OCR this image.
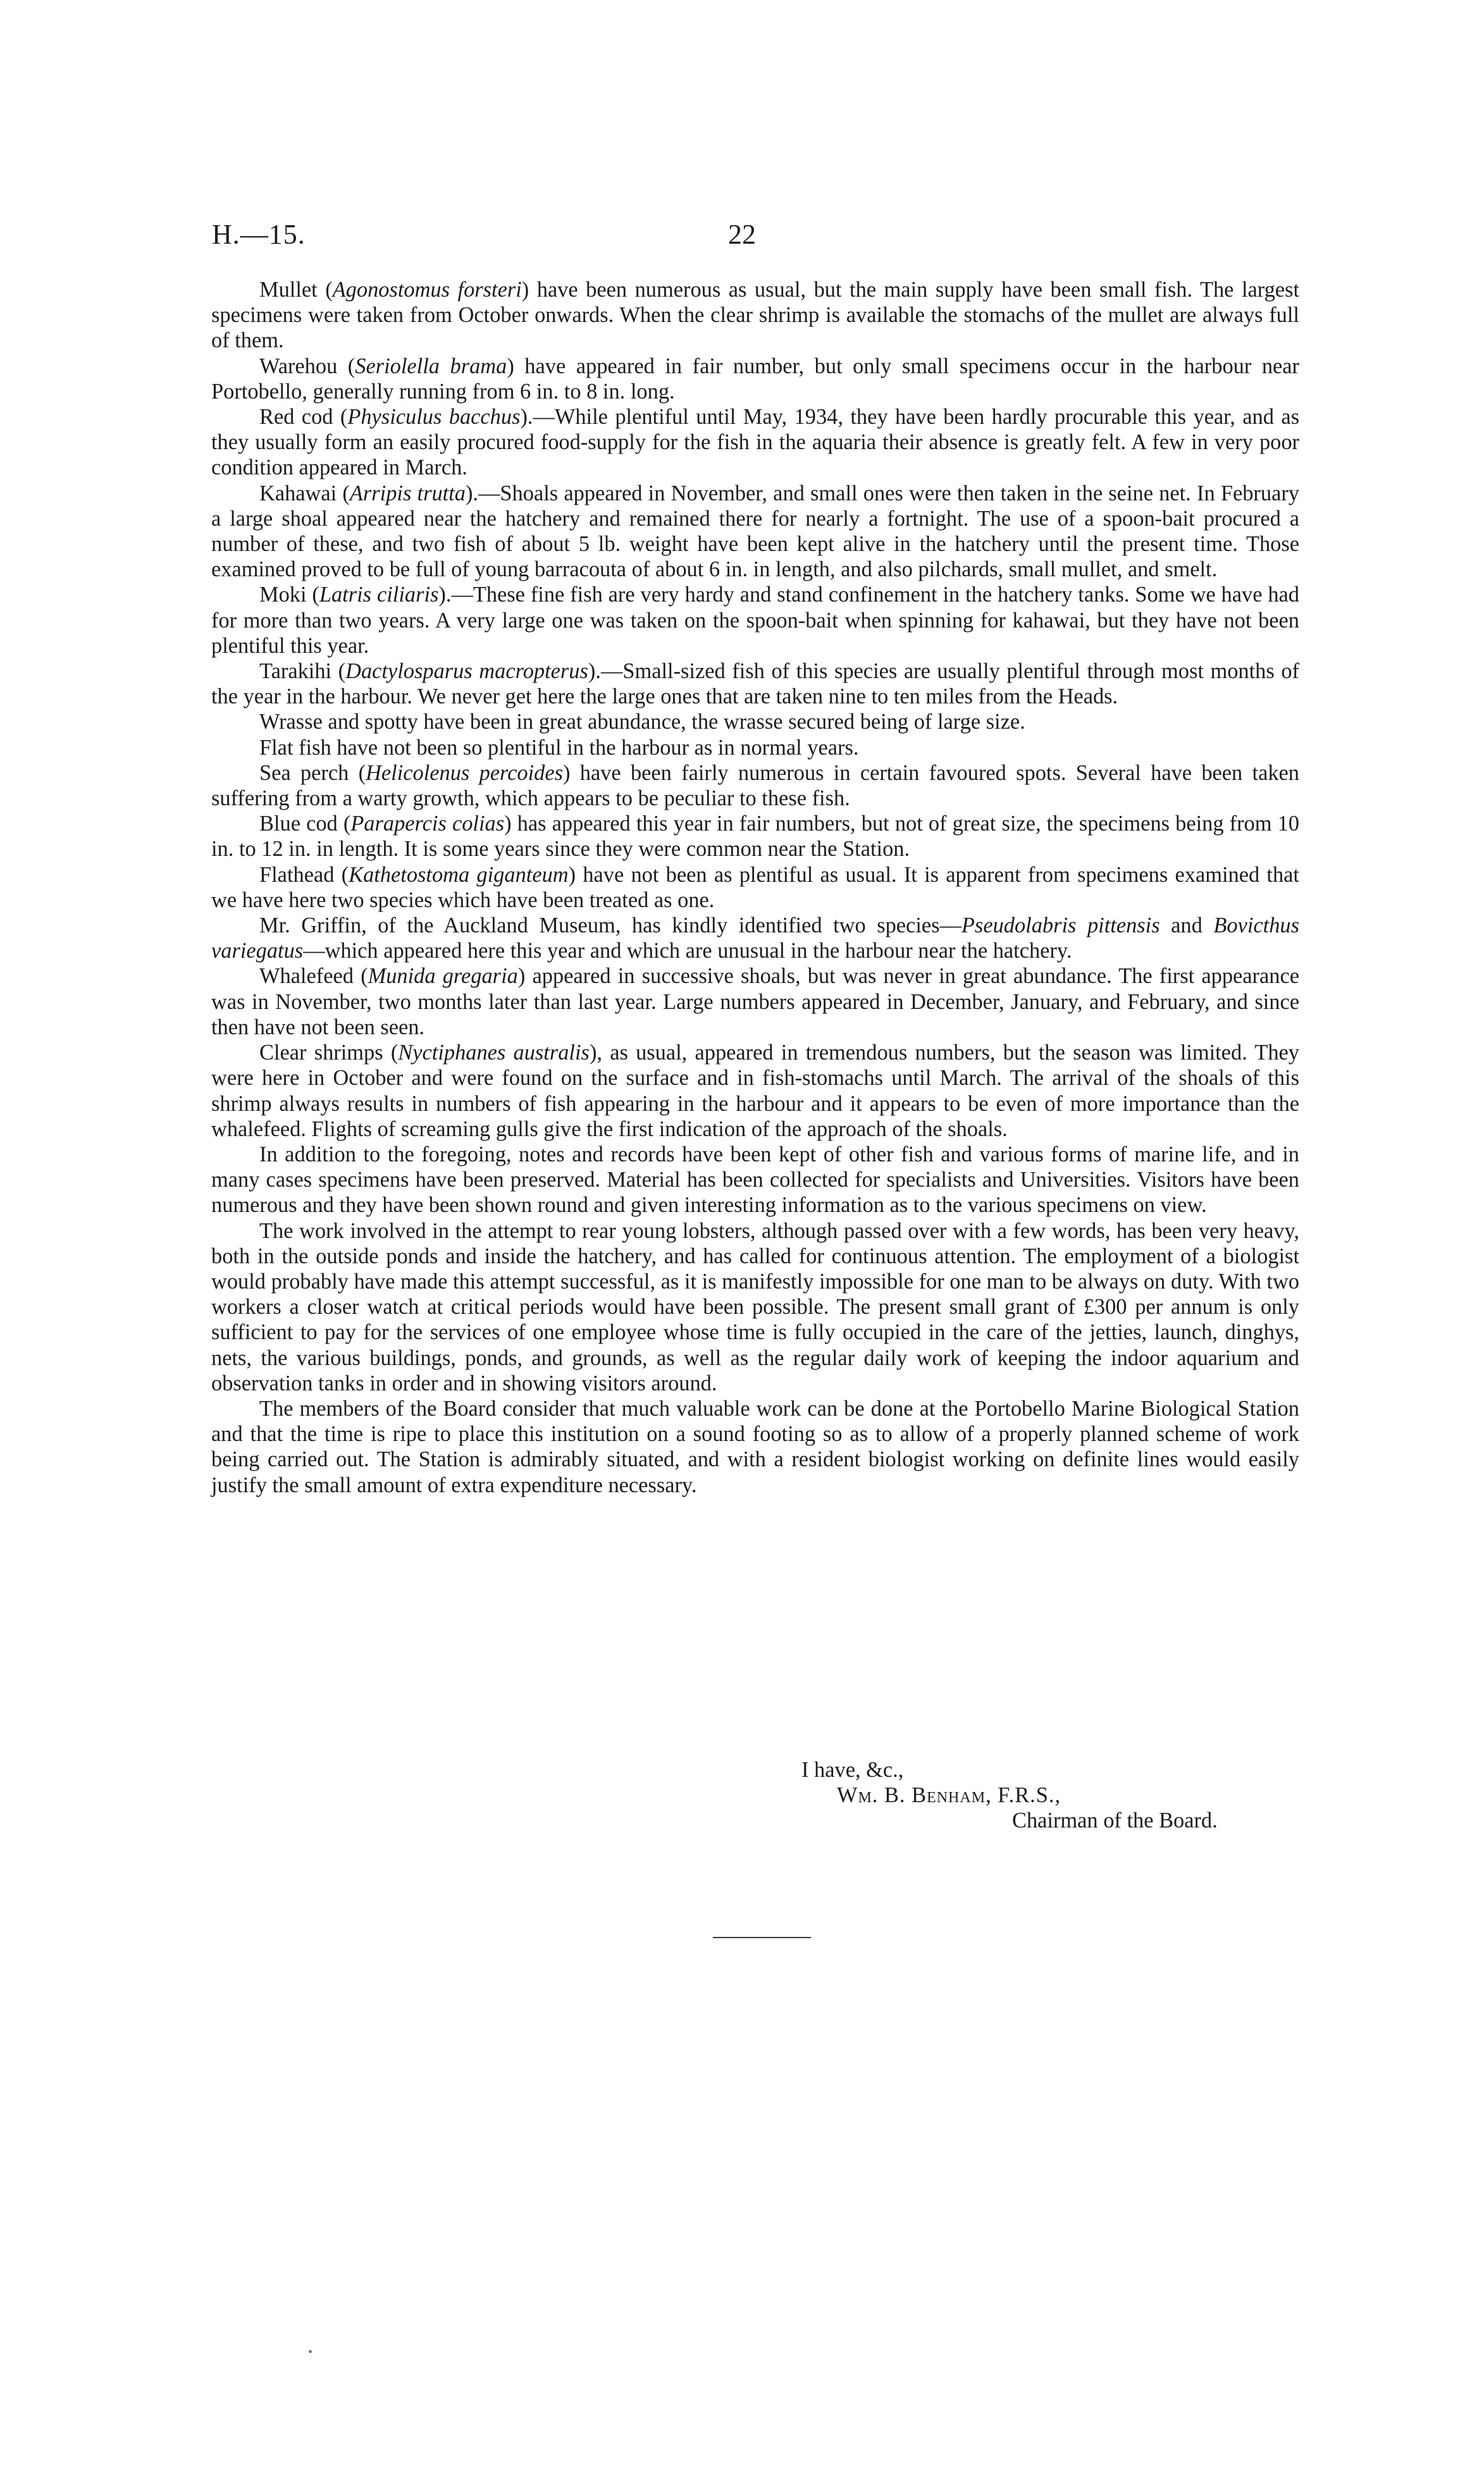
H.—15.	22

Mullet (Agonostomus forsteri) have been numerous as usual, but the main supply have been small fish. The largest specimens were taken from October onwards. When the clear shrimp is available the stomachs of the mullet are always full of them.

Warehou (Seriolella brama) have appeared in fair number, but only small specimens occur in the harbour near Portobello, generally running from 6 in. to 8 in. long.

Red cod (Physiculus bacchus).—While plentiful until May, 1934, they have been hardly procurable this year, and as they usually form an easily procured food-supply for the fish in the aquaria their absence is greatly felt. A few in very poor condition appeared in March.

Kahawai (Arripis trutta).—Shoals appeared in November, and small ones were then taken in the seine net. In February a large shoal appeared near the hatchery and remained there for nearly a fortnight. The use of a spoon-bait procured a number of these, and two fish of about 5 lb. weight have been kept alive in the hatchery until the present time. Those examined proved to be full of young barracouta of about 6 in. in length, and also pilchards, small mullet, and smelt.

Moki (Latris ciliaris).—These fine fish are very hardy and stand confinement in the hatchery tanks. Some we have had for more than two years. A very large one was taken on the spoon-bait when spinning for kahawai, but they have not been plentiful this year.

Tarakihi (Dactylosparus macropterus).—Small-sized fish of this species are usually plentiful through most months of the year in the harbour. We never get here the large ones that are taken nine to ten miles from the Heads.

Wrasse and spotty have been in great abundance, the wrasse secured being of large size.

Flat fish have not been so plentiful in the harbour as in normal years.

Sea perch (Helicolenus percoides) have been fairly numerous in certain favoured spots. Several have been taken suffering from a warty growth, which appears to be peculiar to these fish.

Blue cod (Parapercis colias) has appeared this year in fair numbers, but not of great size, the specimens being from 10 in. to 12 in. in length. It is some years since they were common near the Station.

Flathead (Kathetostoma giganteum) have not been as plentiful as usual. It is apparent from specimens examined that we have here two species which have been treated as one.

Mr. Griffin, of the Auckland Museum, has kindly identified two species—Pseudolabris pittensis and Bovicthus variegatus—which appeared here this year and which are unusual in the harbour near the hatchery.

Whalefeed (Munida gregaria) appeared in successive shoals, but was never in great abundance. The first appearance was in November, two months later than last year. Large numbers appeared in December, January, and February, and since then have not been seen.

Clear shrimps (Nyctiphanes australis), as usual, appeared in tremendous numbers, but the season was limited. They were here in October and were found on the surface and in fish-stomachs until March. The arrival of the shoals of this shrimp always results in numbers of fish appearing in the harbour and it appears to be even of more importance than the whalefeed. Flights of screaming gulls give the first indication of the approach of the shoals.

In addition to the foregoing, notes and records have been kept of other fish and various forms of marine life, and in many cases specimens have been preserved. Material has been collected for specialists and Universities. Visitors have been numerous and they have been shown round and given interesting information as to the various specimens on view.

The work involved in the attempt to rear young lobsters, although passed over with a few words, has been very heavy, both in the outside ponds and inside the hatchery, and has called for continuous attention. The employment of a biologist would probably have made this attempt successful, as it is manifestly impossible for one man to be always on duty. With two workers a closer watch at critical periods would have been possible. The present small grant of £300 per annum is only sufficient to pay for the services of one employee whose time is fully occupied in the care of the jetties, launch, dinghys, nets, the various buildings, ponds, and grounds, as well as the regular daily work of keeping the indoor aquarium and observation tanks in order and in showing visitors around.

The members of the Board consider that much valuable work can be done at the Portobello Marine Biological Station and that the time is ripe to place this institution on a sound footing so as to allow of a properly planned scheme of work being carried out. The Station is admirably situated, and with a resident biologist working on definite lines would easily justify the small amount of extra expenditure necessary.

I have, &c.,
Wm. B. Benham, F.R.S.,
Chairman of the Board.
